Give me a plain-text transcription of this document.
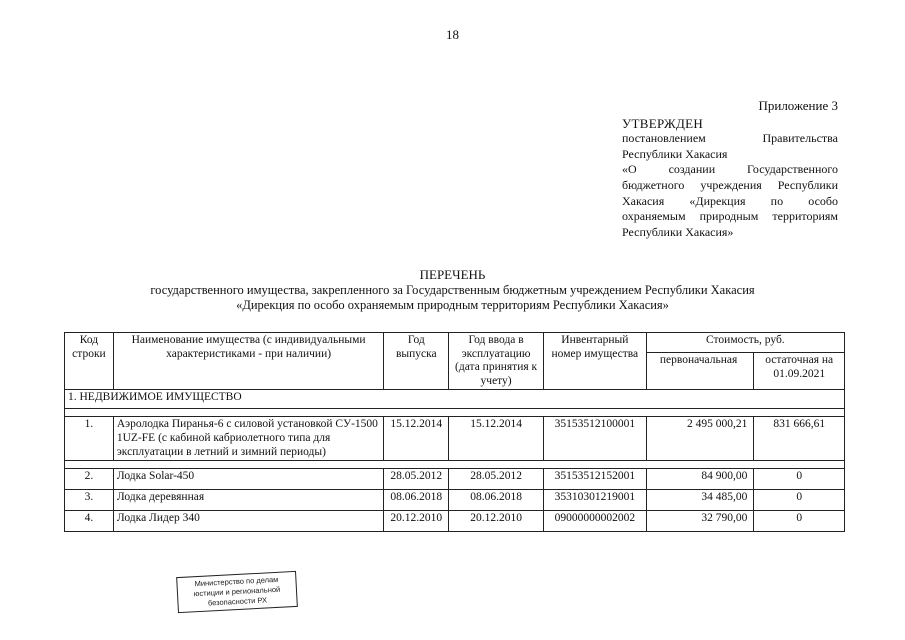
18
Приложение 3
УТВЕРЖДЕН
постановлением Правительства Республики Хакасия
«О создании Государственного бюджетного учреждения Республики Хакасия «Дирекция по особо охраняемым природным территориям Республики Хакасия»
ПЕРЕЧЕНЬ
государственного имущества, закрепленного за Государственным бюджетным учреждением Республики Хакасия
«Дирекция по особо охраняемым природным территориям Республики Хакасия»
Код строки	Наименование имущества (с индивидуальными характеристиками - при наличии)	Год выпуска	Год ввода в эксплуатацию (дата принятия к учету)	Инвентарный номер имущества	Стоимость, руб.	
					первоначальная	остаточная на 01.09.2021
1. НЕДВИЖИМОЕ ИМУЩЕСТВО						

1.	Аэролодка Пиранья-6 с силовой установкой СУ-1500 1UZ-FE (с кабиной кабриолетного типа для эксплуатации в летний и зимний периоды)	15.12.2014	15.12.2014	35153512100001	2 495 000,21	831 666,61

2.	Лодка Solar-450	28.05.2012	28.05.2012	35153512152001	84 900,00	0
3.	Лодка деревянная	08.06.2018	08.06.2018	35310301219001	34 485,00	0
4.	Лодка Лидер 340	20.12.2010	20.12.2010	09000000002002	32 790,00	0
Министерство по делам юстиции и региональной безопасности РХ
